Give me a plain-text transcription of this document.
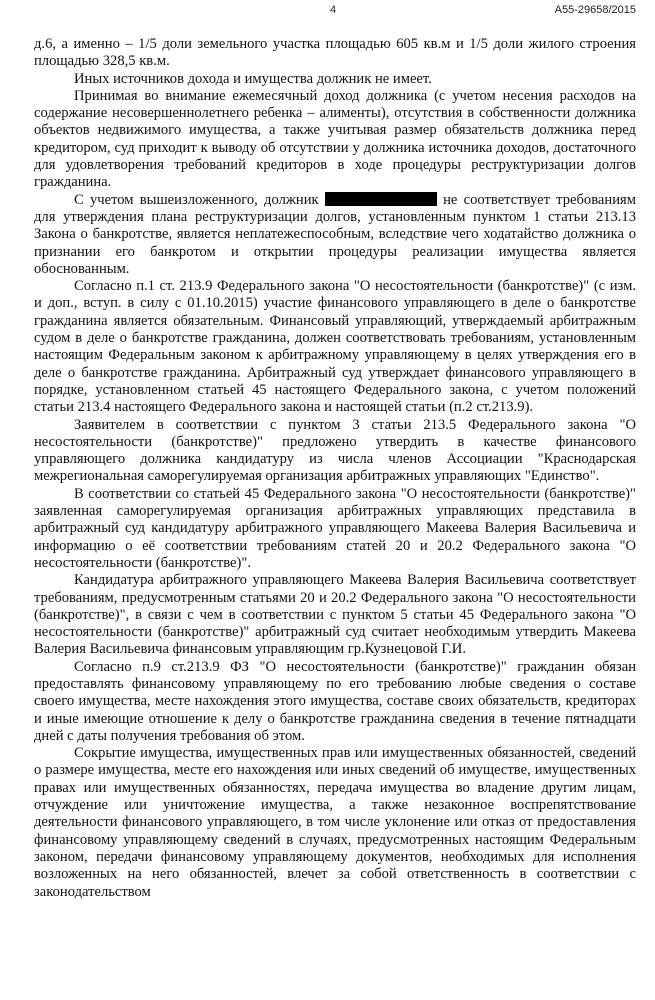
4	А55-29658/2015

д.6, а именно – 1/5 доли земельного участка площадью 605 кв.м и 1/5 доли жилого строения площадью 328,5 кв.м.

Иных источников дохода и имущества должник не имеет.

Принимая во внимание ежемесячный доход должника (с учетом несения расходов на содержание несовершеннолетнего ребенка – алименты), отсутствия в собственности должника объектов недвижимого имущества, а также учитывая размер обязательств должника перед кредитором, суд приходит к выводу об отсутствии у должника источника доходов, достаточного для удовлетворения требований кредиторов в ходе процедуры реструктуризации долгов гражданина.

С учетом вышеизложенного, должник	не соответствует требованиям для утверждения плана реструктуризации долгов, установленным пунктом 1 статьи 213.13 Закона о банкротстве, является неплатежеспособным, вследствие чего ходатайство должника о признании его банкротом и открытии процедуры реализации имущества является обоснованным.

Согласно п.1 ст. 213.9 Федерального закона "О несостоятельности (банкротстве)" (с изм. и доп., вступ. в силу с 01.10.2015) участие финансового управляющего в деле о банкротстве гражданина является обязательным. Финансовый управляющий, утверждаемый арбитражным судом в деле о банкротстве гражданина, должен соответствовать требованиям, установленным настоящим Федеральным законом к арбитражному управляющему в целях утверждения его в деле о банкротстве гражданина. Арбитражный суд утверждает финансового управляющего в порядке, установленном статьей 45 настоящего Федерального закона, с учетом положений статьи 213.4 настоящего Федерального закона и настоящей статьи (п.2 ст.213.9).

Заявителем в соответствии с пунктом 3 статьи 213.5 Федерального закона "О несостоятельности (банкротстве)" предложено утвердить в качестве финансового управляющего должника кандидатуру из числа членов Ассоциации "Краснодарская межрегиональная саморегулируемая организация арбитражных управляющих "Единство".

В соответствии со статьей 45 Федерального закона "О несостоятельности (банкротстве)" заявленная саморегулируемая организация арбитражных управляющих представила в арбитражный суд кандидатуру арбитражного управляющего Макеева Валерия Васильевича и информацию о её соответствии требованиям статей 20 и 20.2 Федерального закона "О несостоятельности (банкротстве)".

Кандидатура арбитражного управляющего Макеева Валерия Васильевича соответствует требованиям, предусмотренным статьями 20 и 20.2 Федерального закона "О несостоятельности (банкротстве)", в связи с чем в соответствии с пунктом 5 статьи 45 Федерального закона "О несостоятельности (банкротстве)" арбитражный суд считает необходимым утвердить Макеева Валерия Васильевича финансовым управляющим гр.Кузнецовой Г.И.

Согласно п.9 ст.213.9 ФЗ "О несостоятельности (банкротстве)" гражданин обязан предоставлять финансовому управляющему по его требованию любые сведения о составе своего имущества, месте нахождения этого имущества, составе своих обязательств, кредиторах и иные имеющие отношение к делу о банкротстве гражданина сведения в течение пятнадцати дней с даты получения требования об этом.

Сокрытие имущества, имущественных прав или имущественных обязанностей, сведений о размере имущества, месте его нахождения или иных сведений об имуществе, имущественных правах или имущественных обязанностях, передача имущества во владение другим лицам, отчуждение или уничтожение имущества, а также незаконное воспрепятствование деятельности финансового управляющего, в том числе уклонение или отказ от предоставления финансовому управляющему сведений в случаях, предусмотренных настоящим Федеральным законом, передачи финансовому управляющему документов, необходимых для исполнения возложенных на него обязанностей, влечет за собой ответственность в соответствии с законодательством
